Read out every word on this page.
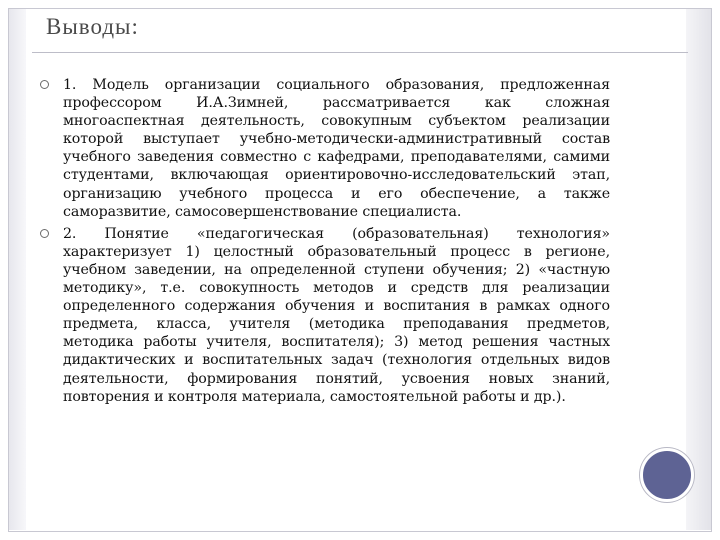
Выводы:
1. Модель организации социального образования, предложенная профессором И.А.Зимней, рассматривается как сложная многоаспектная деятельность, совокупным субъектом реализации которой выступает учебно-методически-административный состав учебного заведения совместно с кафедрами, преподавателями, самими студентами, включающая ориентировочно-исследовательский этап, организацию учебного процесса и его обеспечение, а также саморазвитие, самосовершенствование специалиста.
2. Понятие «педагогическая (образовательная) технология» характеризует 1) целостный образовательный процесс в регионе, учебном заведении, на определенной ступени обучения; 2) «частную методику», т.е. совокупность методов и средств для реализации определенного содержания обучения и воспитания в рамках одного предмета, класса, учителя (методика преподавания предметов, методика работы учителя, воспитателя); 3) метод решения частных дидактических и воспитательных задач (технология отдельных видов деятельности, формирования понятий, усвоения новых знаний, повторения и контроля материала, самостоятельной работы и др.).
